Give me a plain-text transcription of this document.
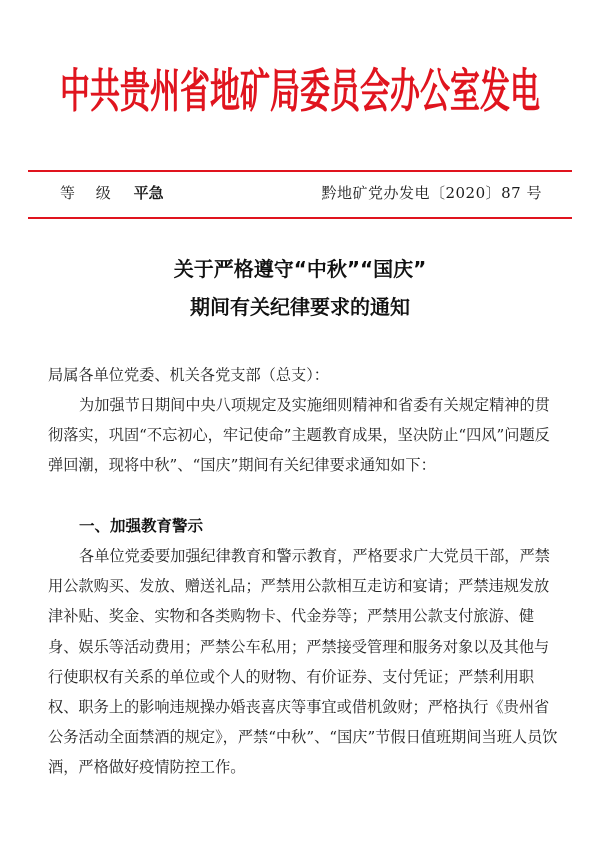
中共贵州省地矿局委员会办公室发电
等 级 平急	黔地矿党办发电〔2020〕87 号
关于严格遵守“中秋”“国庆”
期间有关纪律要求的通知
局属各单位党委、机关各党支部（总支）：
为加强节日期间中央八项规定及实施细则精神和省委有关规定精神的贯彻落实，巩固“不忘初心，牢记使命”主题教育成果，坚决防止“四风”问题反弹回潮，现将中秋”、“国庆”期间有关纪律要求通知如下：
一、加强教育警示
各单位党委要加强纪律教育和警示教育，严格要求广大党员干部，严禁用公款购买、发放、赠送礼品；严禁用公款相互走访和宴请；严禁违规发放津补贴、奖金、实物和各类购物卡、代金券等；严禁用公款支付旅游、健身、娱乐等活动费用；严禁公车私用；严禁接受管理和服务对象以及其他与行使职权有关系的单位或个人的财物、有价证券、支付凭证；严禁利用职权、职务上的影响违规操办婚丧喜庆等事宜或借机敛财；严格执行《贵州省公务活动全面禁酒的规定》，严禁“中秋”、“国庆”节假日值班期间当班人员饮酒，严格做好疫情防控工作。
